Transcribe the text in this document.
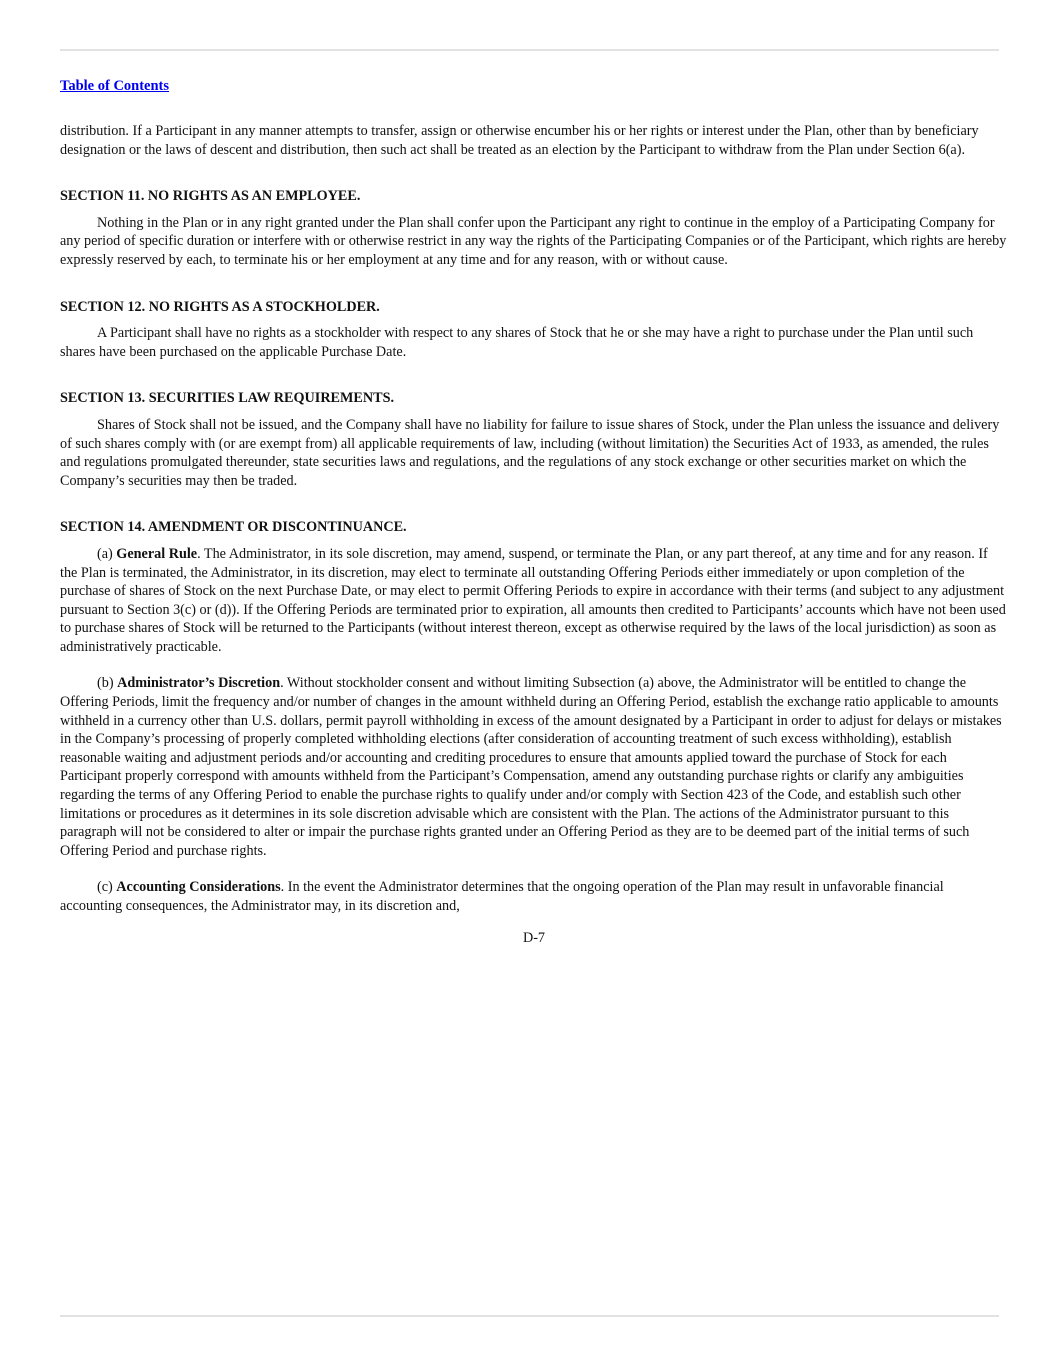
Table of Contents

distribution. If a Participant in any manner attempts to transfer, assign or otherwise encumber his or her rights or interest under the Plan, other than by beneficiary designation or the laws of descent and distribution, then such act shall be treated as an election by the Participant to withdraw from the Plan under Section 6(a).

SECTION 11. NO RIGHTS AS AN EMPLOYEE.

Nothing in the Plan or in any right granted under the Plan shall confer upon the Participant any right to continue in the employ of a Participating Company for any period of specific duration or interfere with or otherwise restrict in any way the rights of the Participating Companies or of the Participant, which rights are hereby expressly reserved by each, to terminate his or her employment at any time and for any reason, with or without cause.

SECTION 12. NO RIGHTS AS A STOCKHOLDER.

A Participant shall have no rights as a stockholder with respect to any shares of Stock that he or she may have a right to purchase under the Plan until such shares have been purchased on the applicable Purchase Date.

SECTION 13. SECURITIES LAW REQUIREMENTS.

Shares of Stock shall not be issued, and the Company shall have no liability for failure to issue shares of Stock, under the Plan unless the issuance and delivery of such shares comply with (or are exempt from) all applicable requirements of law, including (without limitation) the Securities Act of 1933, as amended, the rules and regulations promulgated thereunder, state securities laws and regulations, and the regulations of any stock exchange or other securities market on which the Company’s securities may then be traded.

SECTION 14. AMENDMENT OR DISCONTINUANCE.

(a) General Rule. The Administrator, in its sole discretion, may amend, suspend, or terminate the Plan, or any part thereof, at any time and for any reason. If the Plan is terminated, the Administrator, in its discretion, may elect to terminate all outstanding Offering Periods either immediately or upon completion of the purchase of shares of Stock on the next Purchase Date, or may elect to permit Offering Periods to expire in accordance with their terms (and subject to any adjustment pursuant to Section 3(c) or (d)). If the Offering Periods are terminated prior to expiration, all amounts then credited to Participants’ accounts which have not been used to purchase shares of Stock will be returned to the Participants (without interest thereon, except as otherwise required by the laws of the local jurisdiction) as soon as administratively practicable.

(b) Administrator’s Discretion. Without stockholder consent and without limiting Subsection (a) above, the Administrator will be entitled to change the Offering Periods, limit the frequency and/or number of changes in the amount withheld during an Offering Period, establish the exchange ratio applicable to amounts withheld in a currency other than U.S. dollars, permit payroll withholding in excess of the amount designated by a Participant in order to adjust for delays or mistakes in the Company’s processing of properly completed withholding elections (after consideration of accounting treatment of such excess withholding), establish reasonable waiting and adjustment periods and/or accounting and crediting procedures to ensure that amounts applied toward the purchase of Stock for each Participant properly correspond with amounts withheld from the Participant’s Compensation, amend any outstanding purchase rights or clarify any ambiguities regarding the terms of any Offering Period to enable the purchase rights to qualify under and/or comply with Section 423 of the Code, and establish such other limitations or procedures as it determines in its sole discretion advisable which are consistent with the Plan. The actions of the Administrator pursuant to this paragraph will not be considered to alter or impair the purchase rights granted under an Offering Period as they are to be deemed part of the initial terms of such Offering Period and purchase rights.

(c) Accounting Considerations. In the event the Administrator determines that the ongoing operation of the Plan may result in unfavorable financial accounting consequences, the Administrator may, in its discretion and,

D-7
